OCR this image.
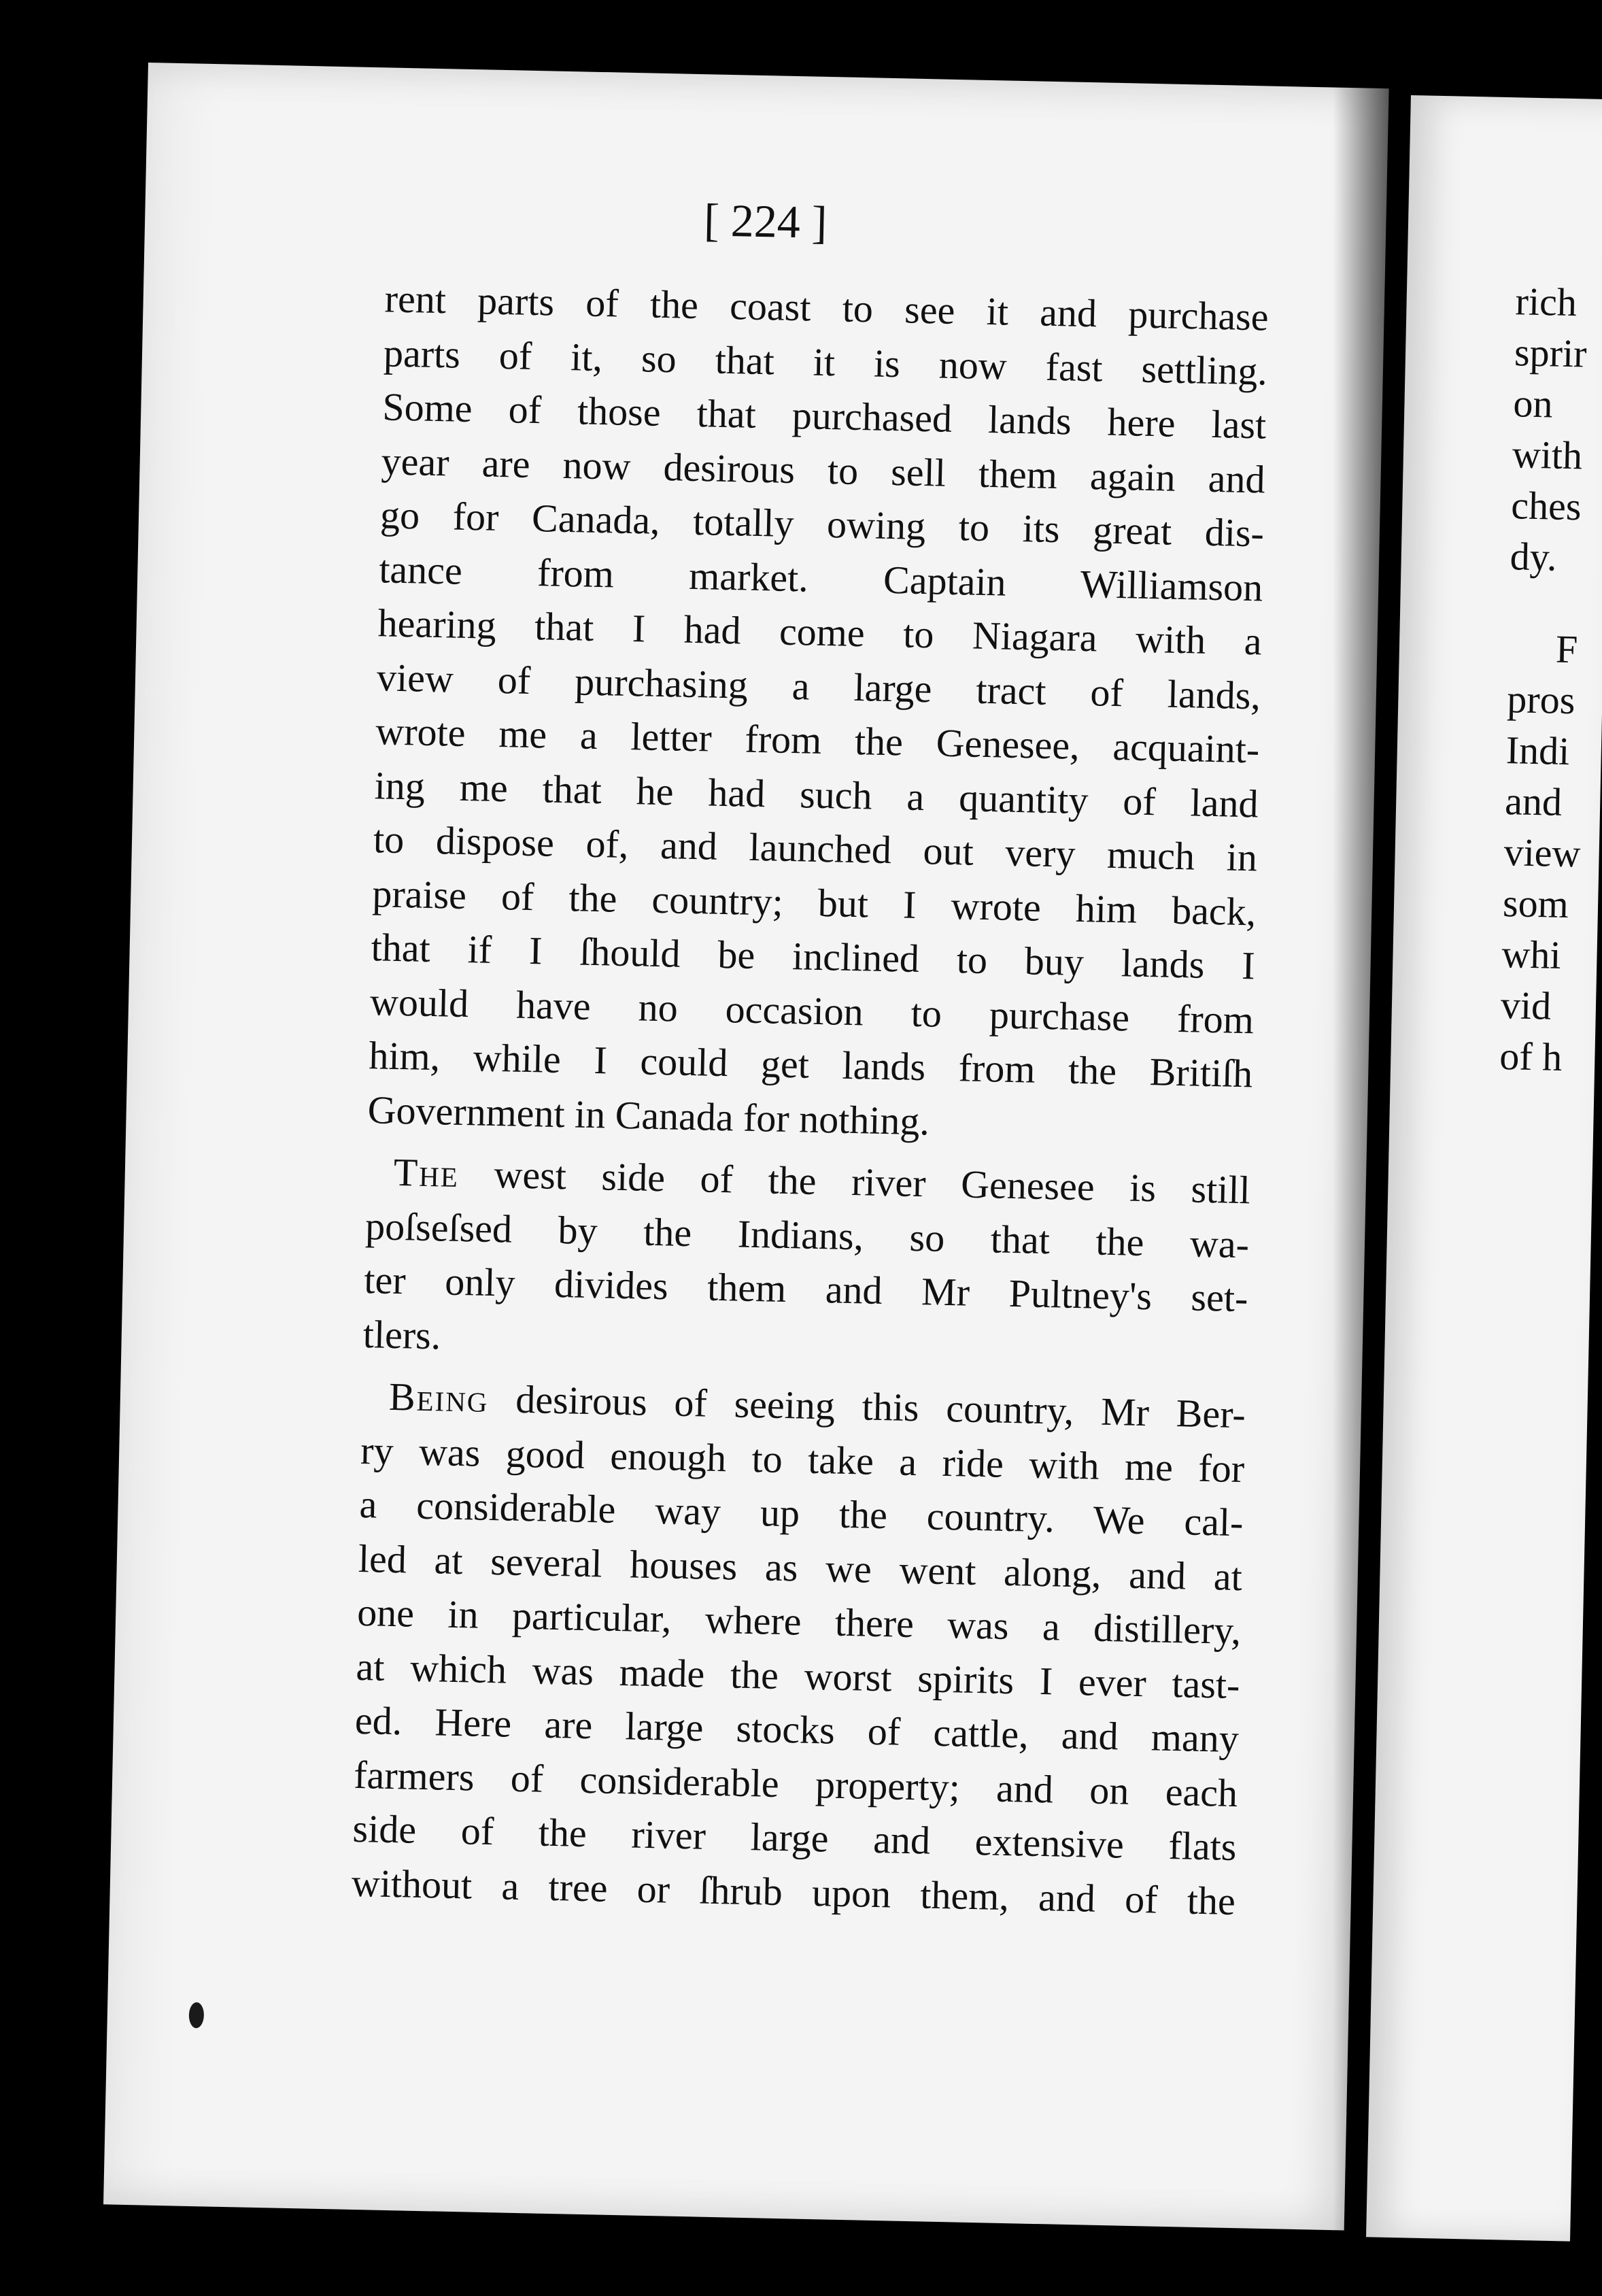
[ 224 ]
rent parts of the coast to see it and purchase
parts of it, so that it is now fast settling.
Some of those that purchased lands here last
year are now desirous to sell them again and
go for Canada, totally owing to its great dis-
tance from market. Captain Williamson
hearing that I had come to Niagara with a
view of purchasing a large tract of lands,
wrote me a letter from the Genesee, acquaint-
ing me that he had such a quantity of land
to dispose of, and launched out very much in
praise of the country; but I wrote him back,
that if I ſhould be inclined to buy lands I
would have no occasion to purchase from
him, while I could get lands from the Britiſh
Government in Canada for nothing.
The west side of the river Genesee is still
poſseſsed by the Indians, so that the wa-
ter only divides them and Mr Pultney's set-
tlers.
Being desirous of seeing this country, Mr Ber-
ry was good enough to take a ride with me for
a considerable way up the country. We cal-
led at several houses as we went along, and at
one in particular, where there was a distillery,
at which was made the worst spirits I ever tast-
ed. Here are large stocks of cattle, and many
farmers of considerable property; and on each
side of the river large and extensive flats
without a tree or ſhrub upon them, and of the
rich
sprir
on
with
ches
dy.
F
pros
Indi
and
view
som
whi
vid
of h
